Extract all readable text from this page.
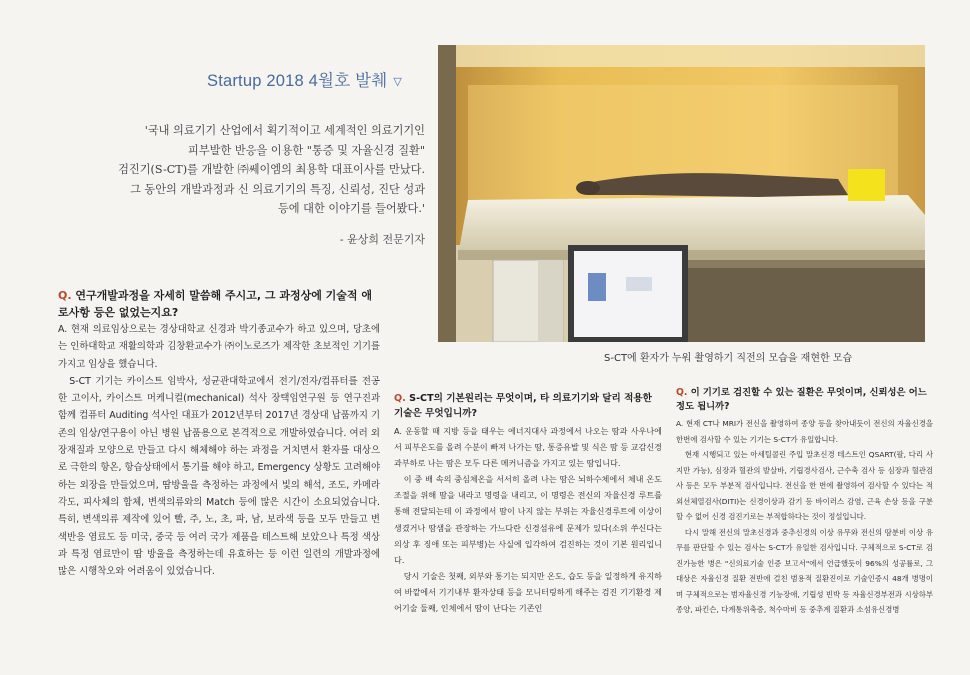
Startup 2018 4월호 발췌 ▽
'국내 의료기기 산업에서 획기적이고 세계적인 의료기기인
피부발한 반응을 이용한 "통증 및 자율신경 질환"
검진기(S-CT)를 개발한 ㈜쎄이엠의 최용학 대표이사를 만났다.
그 동안의 개발과정과 신 의료기기의 특징, 신뢰성, 진단 성과
등에 대한 이야기를 들어봤다.'
- 윤상희 전문기자
S-CT에 환자가 누워 촬영하기 직전의 모습을 재현한 모습
Q. 연구개발과정을 자세히 말씀해 주시고, 그 과정상에 기술적 애로사항 등은 없었는지요?

A. 현재 의료임상으로는 경상대학교 신경과 박기종교수가 하고 있으며, 당초에는 인하대학교 재활의학과 김창환교수가 ㈜이노로즈가 제작한 초보적인 기기를 가지고 임상을 했습니다.

S-CT 기기는 카이스트 임박사, 성균관대학교에서 전기/전자/컴퓨터를 전공한 고이사, 카이스트 머케니컬(mechanical) 석사 장택임연구원 등 연구진과 함께 컴퓨터 Auditing 석사인 대표가 2012년부터 2017년 경상대 납품까지 기존의 임상/연구용이 아닌 병원 납품용으로 본격적으로 개발하였습니다. 여러 외장재질과 모양으로 만들고 다시 해체해야 하는 과정을 거치면서 환자를 대상으로 극한의 항온, 항습상태에서 통기를 해야 하고, Emergency 상황도 고려해야 하는 외장을 만들었으며, 땀방울을 측정하는 과정에서 빛의 해석, 조도, 카메라 각도, 피사체의 합체, 변색의류와의 Match 등에 많은 시간이 소요되었습니다. 특히, 변색의류 제작에 있어 빨, 주, 노, 초, 파, 남, 보라색 등을 모두 만들고 변색반응 염료도 등 미국, 중국 등 여러 국가 제품을 테스트해 보았으나 특정 색상과 특정 염료만이 땀 방울을 측정하는데 유효하는 등 이런 일련의 개발과정에 많은 시행착오와 어려움이 있었습니다.

Q. S-CT의 기본원리는 무엇이며, 타 의료기기와 달리 적용한 기술은 무엇입니까?

A. 운동할 때 지방 등을 태우는 에너지대사 과정에서 나오는 땀과 사우나에서 피부온도를 올려 수분이 빠져 나가는 땀, 통증유발 및 식은 땀 등 교감신경 과부하로 나는 땀은 모두 다른 메커니즘을 가지고 있는 땀입니다.

이 중 배 속의 중심체온을 서서히 올려 나는 땀은 뇌하수체에서 체내 온도조절을 위해 땀을 내라고 명령을 내리고, 이 명령은 전신의 자율신경 루트를 통해 전달되는데 이 과정에서 땀이 나지 않는 부위는 자율신경루트에 이상이 생겼거나 땀샘을 관장하는 가느다란 신경섬유에 문제가 있다(소위 쑤신다는 의상 후 징애 또는 피부병)는 사실에 입각하여 검진하는 것이 기본 원리입니다.

당시 기술은 첫째, 외부와 통기는 되지만 온도, 습도 등을 일정하게 유지하여 바깥에서 기기내부 환자상태 등을 모니터링하게 해주는 검진 기기환경 제어기술 둘째, 인체에서 땀이 난다는 기존인

Q. 이 기기로 검진할 수 있는 질환은 무엇이며, 신뢰성은 어느 정도 됩니까?

A. 현재 CT나 MRI가 전신을 촬영하여 종양 등을 찾아내듯이 전신의 자율신경을 한번에 검사할 수 있는 기기는 S-CT가 유일합니다.

현재 시행되고 있는 아세틸콜린 주입 말초신경 테스트인 QSART(팔, 다리 사지만 가능), 심장과 혈관의 발살바, 기립경사검사, 근수축 검사 등 심장과 혈관검사 등은 모두 부분적 검사입니다. 전신을 한 번에 촬영하여 검사할 수 있다는 적외선체열검사(DITI)는 신경이상과 감기 등 바이러스 감염, 근육 손상 등을 구분할 수 없어 신경 검진기로는 부적합하다는 것이 정설입니다.

다시 말해 전신의 말초신경과 중추신경의 이상 유무와 전신의 땀분비 이상 유무를 판단할 수 있는 검사는 S-CT가 유일한 검사입니다. 구체적으로 S-CT로 검진가능한 병은 "신의료기술 인증 보고서"에서 언급했듯이 96%의 성공률로, 그 대상은 자율신경 질환 전반에 걸친 범용적 질환진이로 기술인증시 48개 병명이며 구체적으로는 범자율신경 기능장애, 기립성 빈박 등 자율신경부전과 시상하부 종양, 파킨슨, 다계통위축증, 척수마비 등 중추계 질환과 소섬유신경병
